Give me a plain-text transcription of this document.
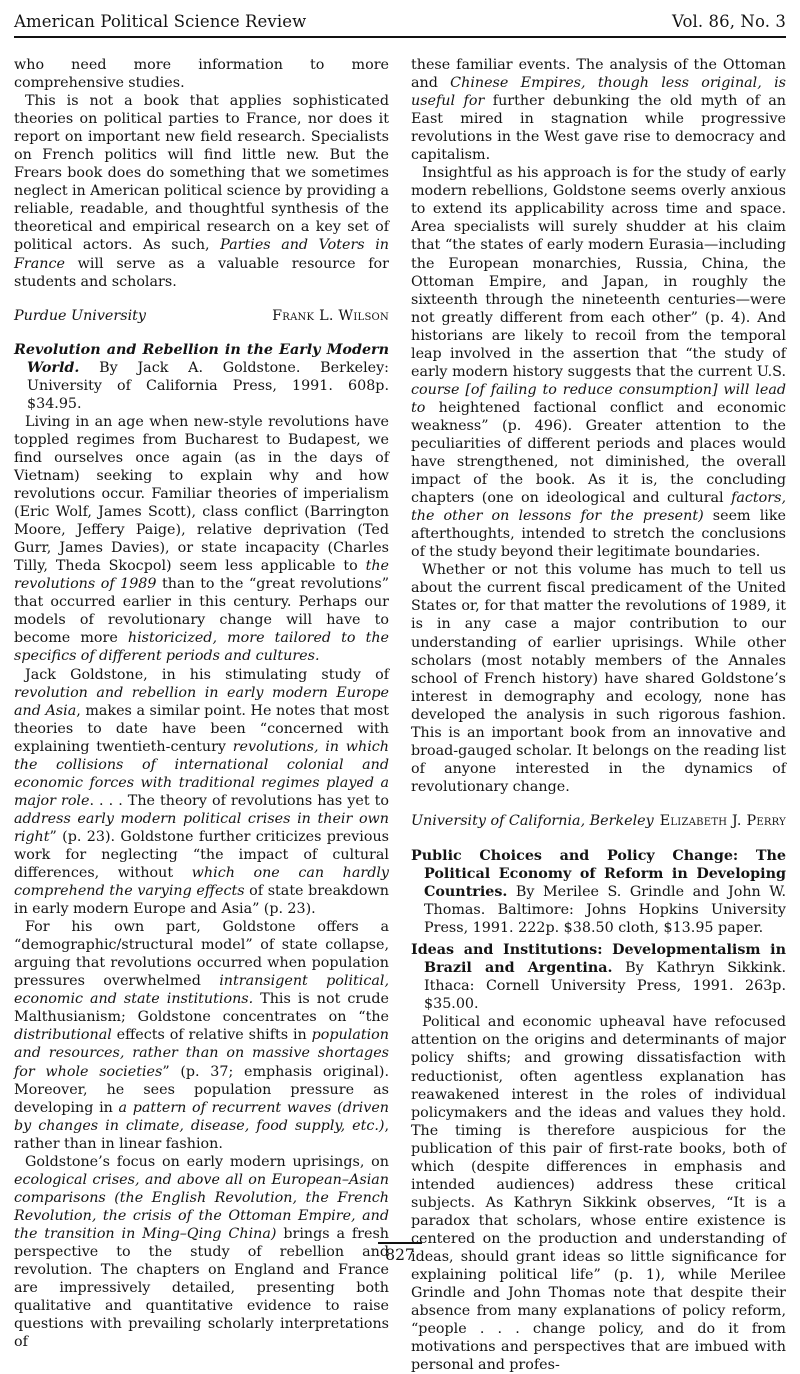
American Political Science Review	Vol. 86, No. 3

who need more information to more comprehensive studies.

This is not a book that applies sophisticated theories on political parties to France, nor does it report on important new field research. Specialists on French politics will find little new. But the Frears book does do something that we sometimes neglect in American political science by providing a reliable, readable, and thoughtful synthesis of the theoretical and empirical research on a key set of political actors. As such, Parties and Voters in France will serve as a valuable resource for students and scholars.

Purdue University	Frank L. Wilson

Revolution and Rebellion in the Early Modern World. By Jack A. Goldstone. Berkeley: University of California Press, 1991. 608p. $34.95.

Living in an age when new-style revolutions have toppled regimes from Bucharest to Budapest, we find ourselves once again (as in the days of Vietnam) seeking to explain why and how revolutions occur. Familiar theories of imperialism (Eric Wolf, James Scott), class conflict (Barrington Moore, Jeffery Paige), relative deprivation (Ted Gurr, James Davies), or state incapacity (Charles Tilly, Theda Skocpol) seem less applicable to the revolutions of 1989 than to the “great revolutions” that occurred earlier in this century. Perhaps our models of revolutionary change will have to become more historicized, more tailored to the specifics of different periods and cultures.

Jack Goldstone, in his stimulating study of revolution and rebellion in early modern Europe and Asia, makes a similar point. He notes that most theories to date have been “concerned with explaining twentieth-century revolutions, in which the collisions of international colonial and economic forces with traditional regimes played a major role. . . . The theory of revolutions has yet to address early modern political crises in their own right” (p. 23). Goldstone further criticizes previous work for neglecting “the impact of cultural differences, without which one can hardly comprehend the varying effects of state breakdown in early modern Europe and Asia” (p. 23).

For his own part, Goldstone offers a “demographic/structural model” of state collapse, arguing that revolutions occurred when population pressures overwhelmed intransigent political, economic and state institutions. This is not crude Malthusianism; Goldstone concentrates on “the distributional effects of relative shifts in population and resources, rather than on massive shortages for whole societies” (p. 37; emphasis original). Moreover, he sees population pressure as developing in a pattern of recurrent waves (driven by changes in climate, disease, food supply, etc.), rather than in linear fashion.

Goldstone’s focus on early modern uprisings, on ecological crises, and above all on European–Asian comparisons (the English Revolution, the French Revolution, the crisis of the Ottoman Empire, and the transition in Ming–Qing China) brings a fresh perspective to the study of rebellion and revolution. The chapters on England and France are impressively detailed, presenting both qualitative and quantitative evidence to raise questions with prevailing scholarly interpretations of

these familiar events. The analysis of the Ottoman and Chinese Empires, though less original, is useful for further debunking the old myth of an East mired in stagnation while progressive revolutions in the West gave rise to democracy and capitalism.

Insightful as his approach is for the study of early modern rebellions, Goldstone seems overly anxious to extend its applicability across time and space. Area specialists will surely shudder at his claim that “the states of early modern Eurasia—including the European monarchies, Russia, China, the Ottoman Empire, and Japan, in roughly the sixteenth through the nineteenth centuries—were not greatly different from each other” (p. 4). And historians are likely to recoil from the temporal leap involved in the assertion that “the study of early modern history suggests that the current U.S. course [of failing to reduce consumption] will lead to heightened factional conflict and economic weakness” (p. 496). Greater attention to the peculiarities of different periods and places would have strengthened, not diminished, the overall impact of the book. As it is, the concluding chapters (one on ideological and cultural factors, the other on lessons for the present) seem like afterthoughts, intended to stretch the conclusions of the study beyond their legitimate boundaries.

Whether or not this volume has much to tell us about the current fiscal predicament of the United States or, for that matter the revolutions of 1989, it is in any case a major contribution to our understanding of earlier uprisings. While other scholars (most notably members of the Annales school of French history) have shared Goldstone’s interest in demography and ecology, none has developed the analysis in such rigorous fashion. This is an important book from an innovative and broad-gauged scholar. It belongs on the reading list of anyone interested in the dynamics of revolutionary change.

University of California, Berkeley Elizabeth J. Perry

Public Choices and Policy Change: The Political Economy of Reform in Developing Countries. By Merilee S. Grindle and John W. Thomas. Baltimore: Johns Hopkins University Press, 1991. 222p. $38.50 cloth, $13.95 paper.

Ideas and Institutions: Developmentalism in Brazil and Argentina. By Kathryn Sikkink. Ithaca: Cornell University Press, 1991. 263p. $35.00.

Political and economic upheaval have refocused attention on the origins and determinants of major policy shifts; and growing dissatisfaction with reductionist, often agentless explanation has reawakened interest in the roles of individual policymakers and the ideas and values they hold. The timing is therefore auspicious for the publication of this pair of first-rate books, both of which (despite differences in emphasis and intended audiences) address these critical subjects. As Kathryn Sikkink observes, “It is a paradox that scholars, whose entire existence is centered on the production and understanding of ideas, should grant ideas so little significance for explaining political life” (p. 1), while Merilee Grindle and John Thomas note that despite their absence from many explanations of policy reform, “people . . . change policy, and do it from motivations and perspectives that are imbued with personal and profes-

827
